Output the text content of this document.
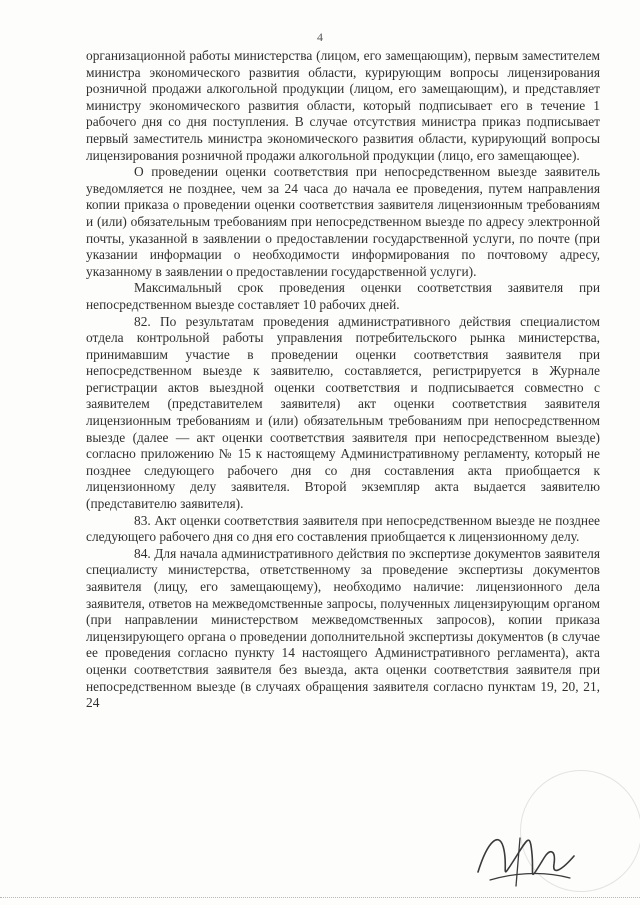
4

организационной работы министерства (лицом, его замещающим), первым заместителем министра экономического развития области, курирующим вопросы лицензирования розничной продажи алкогольной продукции (лицом, его замещающим), и представляет министру экономического развития области, который подписывает его в течение 1 рабочего дня со дня поступления. В случае отсутствия министра приказ подписывает первый заместитель министра экономического развития области, курирующий вопросы лицензирования розничной продажи алкогольной продукции (лицо, его замещающее).

О проведении оценки соответствия при непосредственном выезде заявитель уведомляется не позднее, чем за 24 часа до начала ее проведения, путем направления копии приказа о проведении оценки соответствия заявителя лицензионным требованиям и (или) обязательным требованиям при непосредственном выезде по адресу электронной почты, указанной в заявлении о предоставлении государственной услуги, по почте (при указании информации о необходимости информирования по почтовому адресу, указанному в заявлении о предоставлении государственной услуги).

Максимальный срок проведения оценки соответствия заявителя при непосредственном выезде составляет 10 рабочих дней.

82. По результатам проведения административного действия специалистом отдела контрольной работы управления потребительского рынка министерства, принимавшим участие в проведении оценки соответствия заявителя при непосредственном выезде к заявителю, составляется, регистрируется в Журнале регистрации актов выездной оценки соответствия и подписывается совместно с заявителем (представителем заявителя) акт оценки соответствия заявителя лицензионным требованиям и (или) обязательным требованиям при непосредственном выезде (далее — акт оценки соответствия заявителя при непосредственном выезде) согласно приложению № 15 к настоящему Административному регламенту, который не позднее следующего рабочего дня со дня составления акта приобщается к лицензионному делу заявителя. Второй экземпляр акта выдается заявителю (представителю заявителя).

83. Акт оценки соответствия заявителя при непосредственном выезде не позднее следующего рабочего дня со дня его составления приобщается к лицензионному делу.

84. Для начала административного действия по экспертизе документов заявителя специалисту министерства, ответственному за проведение экспертизы документов заявителя (лицу, его замещающему), необходимо наличие: лицензионного дела заявителя, ответов на межведомственные запросы, полученных лицензирующим органом (при направлении министерством межведомственных запросов), копии приказа лицензирующего органа о проведении дополнительной экспертизы документов (в случае ее проведения согласно пункту 14 настоящего Административного регламента), акта оценки соответствия заявителя без выезда, акта оценки соответствия заявителя при непосредственном выезде (в случаях обращения заявителя согласно пунктам 19, 20, 21, 24
